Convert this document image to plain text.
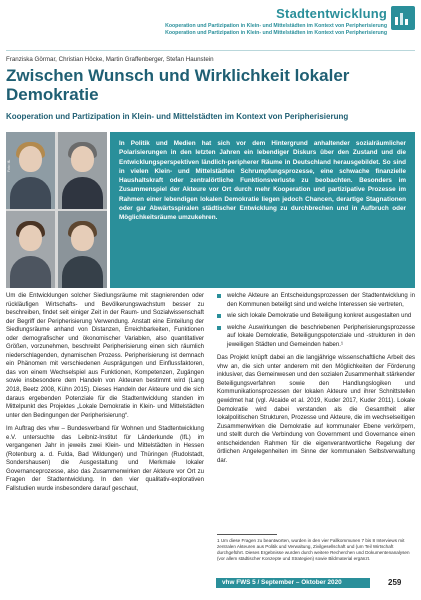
Stadtentwicklung
Kooperation und Partizipation in Klein- und Mittelstädten im Kontext von Peripherisierung
Kooperation und Partizipation in Klein- und Mittelstädten im Kontext von Peripherisierung
Franziska Görmar, Christian Höcke, Martin Graffenberger, Stefan Haunstein
Zwischen Wunsch und Wirklichkeit lokaler Demokratie
Kooperation und Partizipation in Klein- und Mittelstädten im Kontext von Peripherisierung
Foto: IfL

In Politik und Medien hat sich vor dem Hintergrund anhaltender sozialräumlicher Polarisierungen in den letzten Jahren ein lebendiger Diskurs über den Zustand und die Entwicklungsperspektiven ländlich-peripherer Räume in Deutschland herausgebildet. So sind in vielen Klein- und Mittelstädten Schrumpfungsprozesse, eine schwache finanzielle Haushaltskraft oder zentralörtliche Funktionsverluste zu beobachten. Besonders im Zusammenspiel der Akteure vor Ort durch mehr Kooperation und partizipative Prozesse im Rahmen einer lebendigen lokalen Demokratie liegen jedoch Chancen, derartige Stagnationen oder gar Abwärtsspiralen städtischer Entwicklung zu durchbrechen und in Aufbruch oder Möglichkeitsräume umzukehren.

Um die Entwicklungen solcher Siedlungsräume mit stagnierenden oder rückläufigen Wirtschafts- und Bevölkerungswachstum besser zu beschreiben, findet seit einiger Zeit in der Raum- und Sozialwissenschaft der Begriff der Peripherisierung Verwendung. Anstatt eine Einteilung der Siedlungsräume anhand von Distanzen, Erreichbarkeiten, Funktionen oder demografischer und ökonomischer Variablen, also quantitativer Größen, vorzunehmen, beschreibt Peripherisierung einen sich räumlich niederschlagenden, dynamischen Prozess. Peripherisierung ist demnach ein Phänomen mit verschiedenen Ausprägungen und Einflussfaktoren, das von einem Wechselspiel aus Funktionen, Kompetenzen, Zugängen sowie insbesondere dem Handeln von Akteuren bestimmt wird (Lang 2018, Beetz 2008, Kühn 2015). Dieses Handeln der Akteure und die sich daraus ergebenden Potenziale für die Stadtentwicklung standen im Mittelpunkt des Projektes „Lokale Demokratie in Klein- und Mittelstädten unter den Bedingungen der Peripherisierung“.

Im Auftrag des vhw – Bundesverband für Wohnen und Stadtentwicklung e.V. untersuchte das Leibniz-Institut für Länderkunde (IfL) im vergangenen Jahr in jeweils zwei Klein- und Mittelstädten in Hessen (Rotenburg a. d. Fulda, Bad Wildungen) und Thüringen (Rudolstadt, Sondershausen) die Ausgestaltung und Merkmale lokaler Governanceprozesse, also das Zusammenwirken der Akteure vor Ort zu Fragen der Stadtentwicklung. In den vier qualitativ-explorativen Fallstudien wurde insbesondere darauf geschaut,

welche Akteure an Entscheidungsprozessen der Stadtentwicklung in den Kommunen beteiligt sind und welche Interessen sie vertreten,
wie sich lokale Demokratie und Beteiligung konkret ausgestalten und
welche Auswirkungen die beschriebenen Peripherisierungsprozesse auf lokale Demokratie, Beteiligungspotenziale und -strukturen in den jeweiligen Städten und Gemeinden haben.¹

Das Projekt knüpft dabei an die langjährige wissenschaftliche Arbeit des vhw an, die sich unter anderem mit den Möglichkeiten der Förderung inklusiver, das Gemeinwesen und den sozialen Zusammenhalt stärkender Beteiligungsverfahren sowie den Handlungslogiken und Kommunikationsprozessen der lokalen Akteure und ihrer Schnittstellen gewidmet hat (vgl. Alcaide et al. 2019, Kuder 2017, Kuder 2011). Lokale Demokratie wird dabei verstanden als die Gesamtheit aller lokalpolitischen Strukturen, Prozesse und Akteure, die im wechselseitigen Zusammenwirken die Demokratie auf kommunaler Ebene verkörpern, und stellt durch die Verbindung von Government und Governance einen entscheidenden Rahmen für die eigenverantwortliche Regelung der örtlichen Angelegenheiten im Sinne der kommunalen Selbstverwaltung dar.

1 Um diese Fragen zu beantworten, wurden in den vier Fallkommunen 7 bis 8 Interviews mit zentralen Akteuren aus Politik und Verwaltung, Zivilgesellschaft und (um Teil Wirtschaft durchgeführt. Dieses Ergebnisse wurden durch weitere Recherchen und Dokumentenanalysen (vor allem städtischer Konzepte und Strategien) sowie Bildmaterial ergänzt.
vhw FWS 5 / September – Oktober 2020	259
